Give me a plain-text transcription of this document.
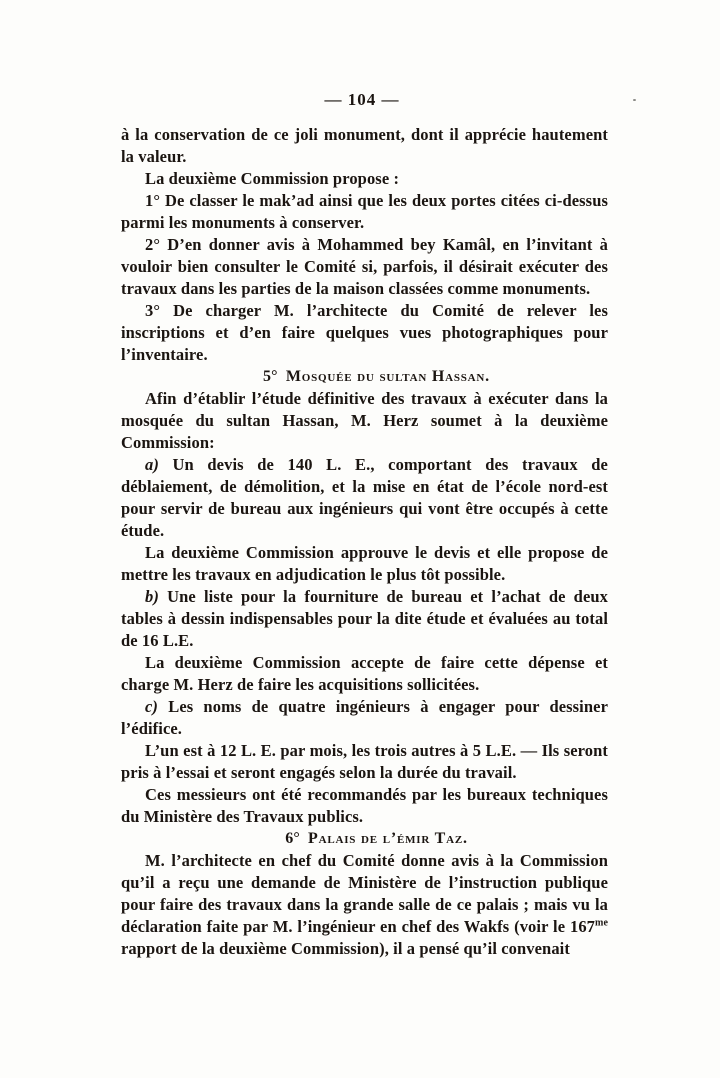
— 104 —

à la conservation de ce joli monument, dont il apprécie hautement la valeur.

La deuxième Commission propose :

1° De classer le mak’ad ainsi que les deux portes citées ci-dessus parmi les monuments à conserver.

2° D’en donner avis à Mohammed bey Kamâl, en l’invitant à vouloir bien consulter le Comité si, parfois, il désirait exécuter des travaux dans les parties de la maison classées comme monuments.

3° De charger M. l’architecte du Comité de relever les inscriptions et d’en faire quelques vues photographiques pour l’inventaire.

5° Mosquée du sultan Hassan.

Afin d’établir l’étude définitive des travaux à exécuter dans la mosquée du sultan Hassan, M. Herz soumet à la deuxième Commission:

a) Un devis de 140 L. E., comportant des travaux de déblaiement, de démolition, et la mise en état de l’école nord-est pour servir de bureau aux ingénieurs qui vont être occupés à cette étude.

La deuxième Commission approuve le devis et elle propose de mettre les travaux en adjudication le plus tôt possible.

b) Une liste pour la fourniture de bureau et l’achat de deux tables à dessin indispensables pour la dite étude et évaluées au total de 16 L.E.

La deuxième Commission accepte de faire cette dépense et charge M. Herz de faire les acquisitions sollicitées.

c) Les noms de quatre ingénieurs à engager pour dessiner l’édifice.

L’un est à 12 L. E. par mois, les trois autres à 5 L.E. — Ils seront pris à l’essai et seront engagés selon la durée du travail.

Ces messieurs ont été recommandés par les bureaux techniques du Ministère des Travaux publics.

6° Palais de l’émir Taz.

M. l’architecte en chef du Comité donne avis à la Commission qu’il a reçu une demande de Ministère de l’instruction publique pour faire des travaux dans la grande salle de ce palais ; mais vu la déclaration faite par M. l’ingénieur en chef des Wakfs (voir le $167^{me}$ rapport de la deuxième Commission), il a pensé qu’il convenait
